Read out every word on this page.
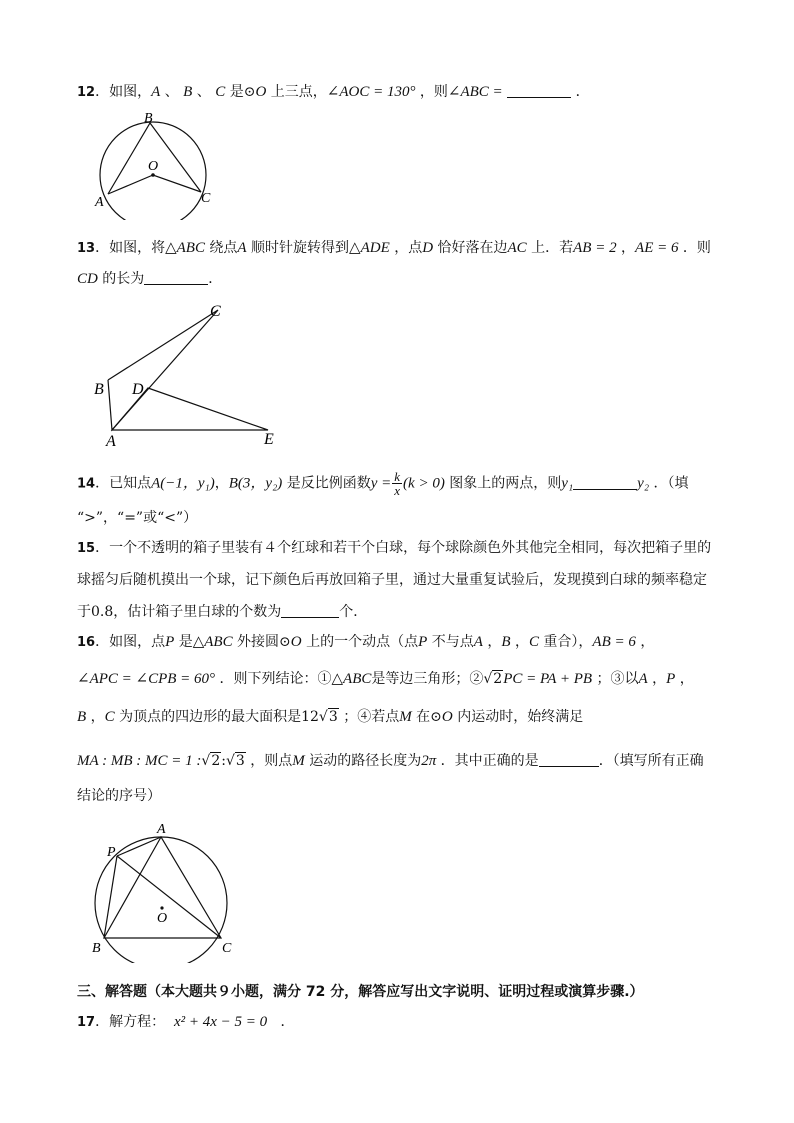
12．如图，A 、 B 、 C 是⊙O 上三点，∠AOC = 130° ，则∠ABC =	．
A
B
C
O
13．如图，将△ABC 绕点A 顺时针旋转得到△ADE ，点D 恰好落在边AC 上．若AB = 2 ，AE = 6 ．则
CD 的长为	．
C
B D
A	E
14．已知点A(−1，y₁)，B(3，y₂) 是反比例函数$y = \frac{k}{x} (k > 0)$ 图象上的两点，则y₁	y₂ ．（填
“>”，“=”或“<”）
15．一个不透明的箱子里装有４个红球和若干个白球，每个球除颜色外其他完全相同，每次把箱子里的
球摇匀后随机摸出一个球，记下颜色后再放回箱子里，通过大量重复试验后，发现摸到白球的频率稳定
于0.8，估计箱子里白球的个数为	个．
16．如图，点P 是△ABC 外接圆⊙O 上的一个动点（点P 不与点A ，B ，C 重合），AB = 6 ，
∠APC = ∠CPB = 60° ．则下列结论：①△ABC是等边三角形；②√2PC = PA + PB ；③以A ，P ，
B ，C 为顶点的四边形的最大面积是12√3 ；④若点M 在⊙O 内运动时，始终满足
MA : MB : MC = 1 :√2:√3 ，则点M 运动的路径长度为2π ．其中正确的是	．（填写所有正确
结论的序号）
A
P
B	C
O
三、解答题（本大题共９小题，满分 72 分，解答应写出文字说明、证明过程或演算步骤.）
17．解方程： x² + 4x − 5 = 0 ．
